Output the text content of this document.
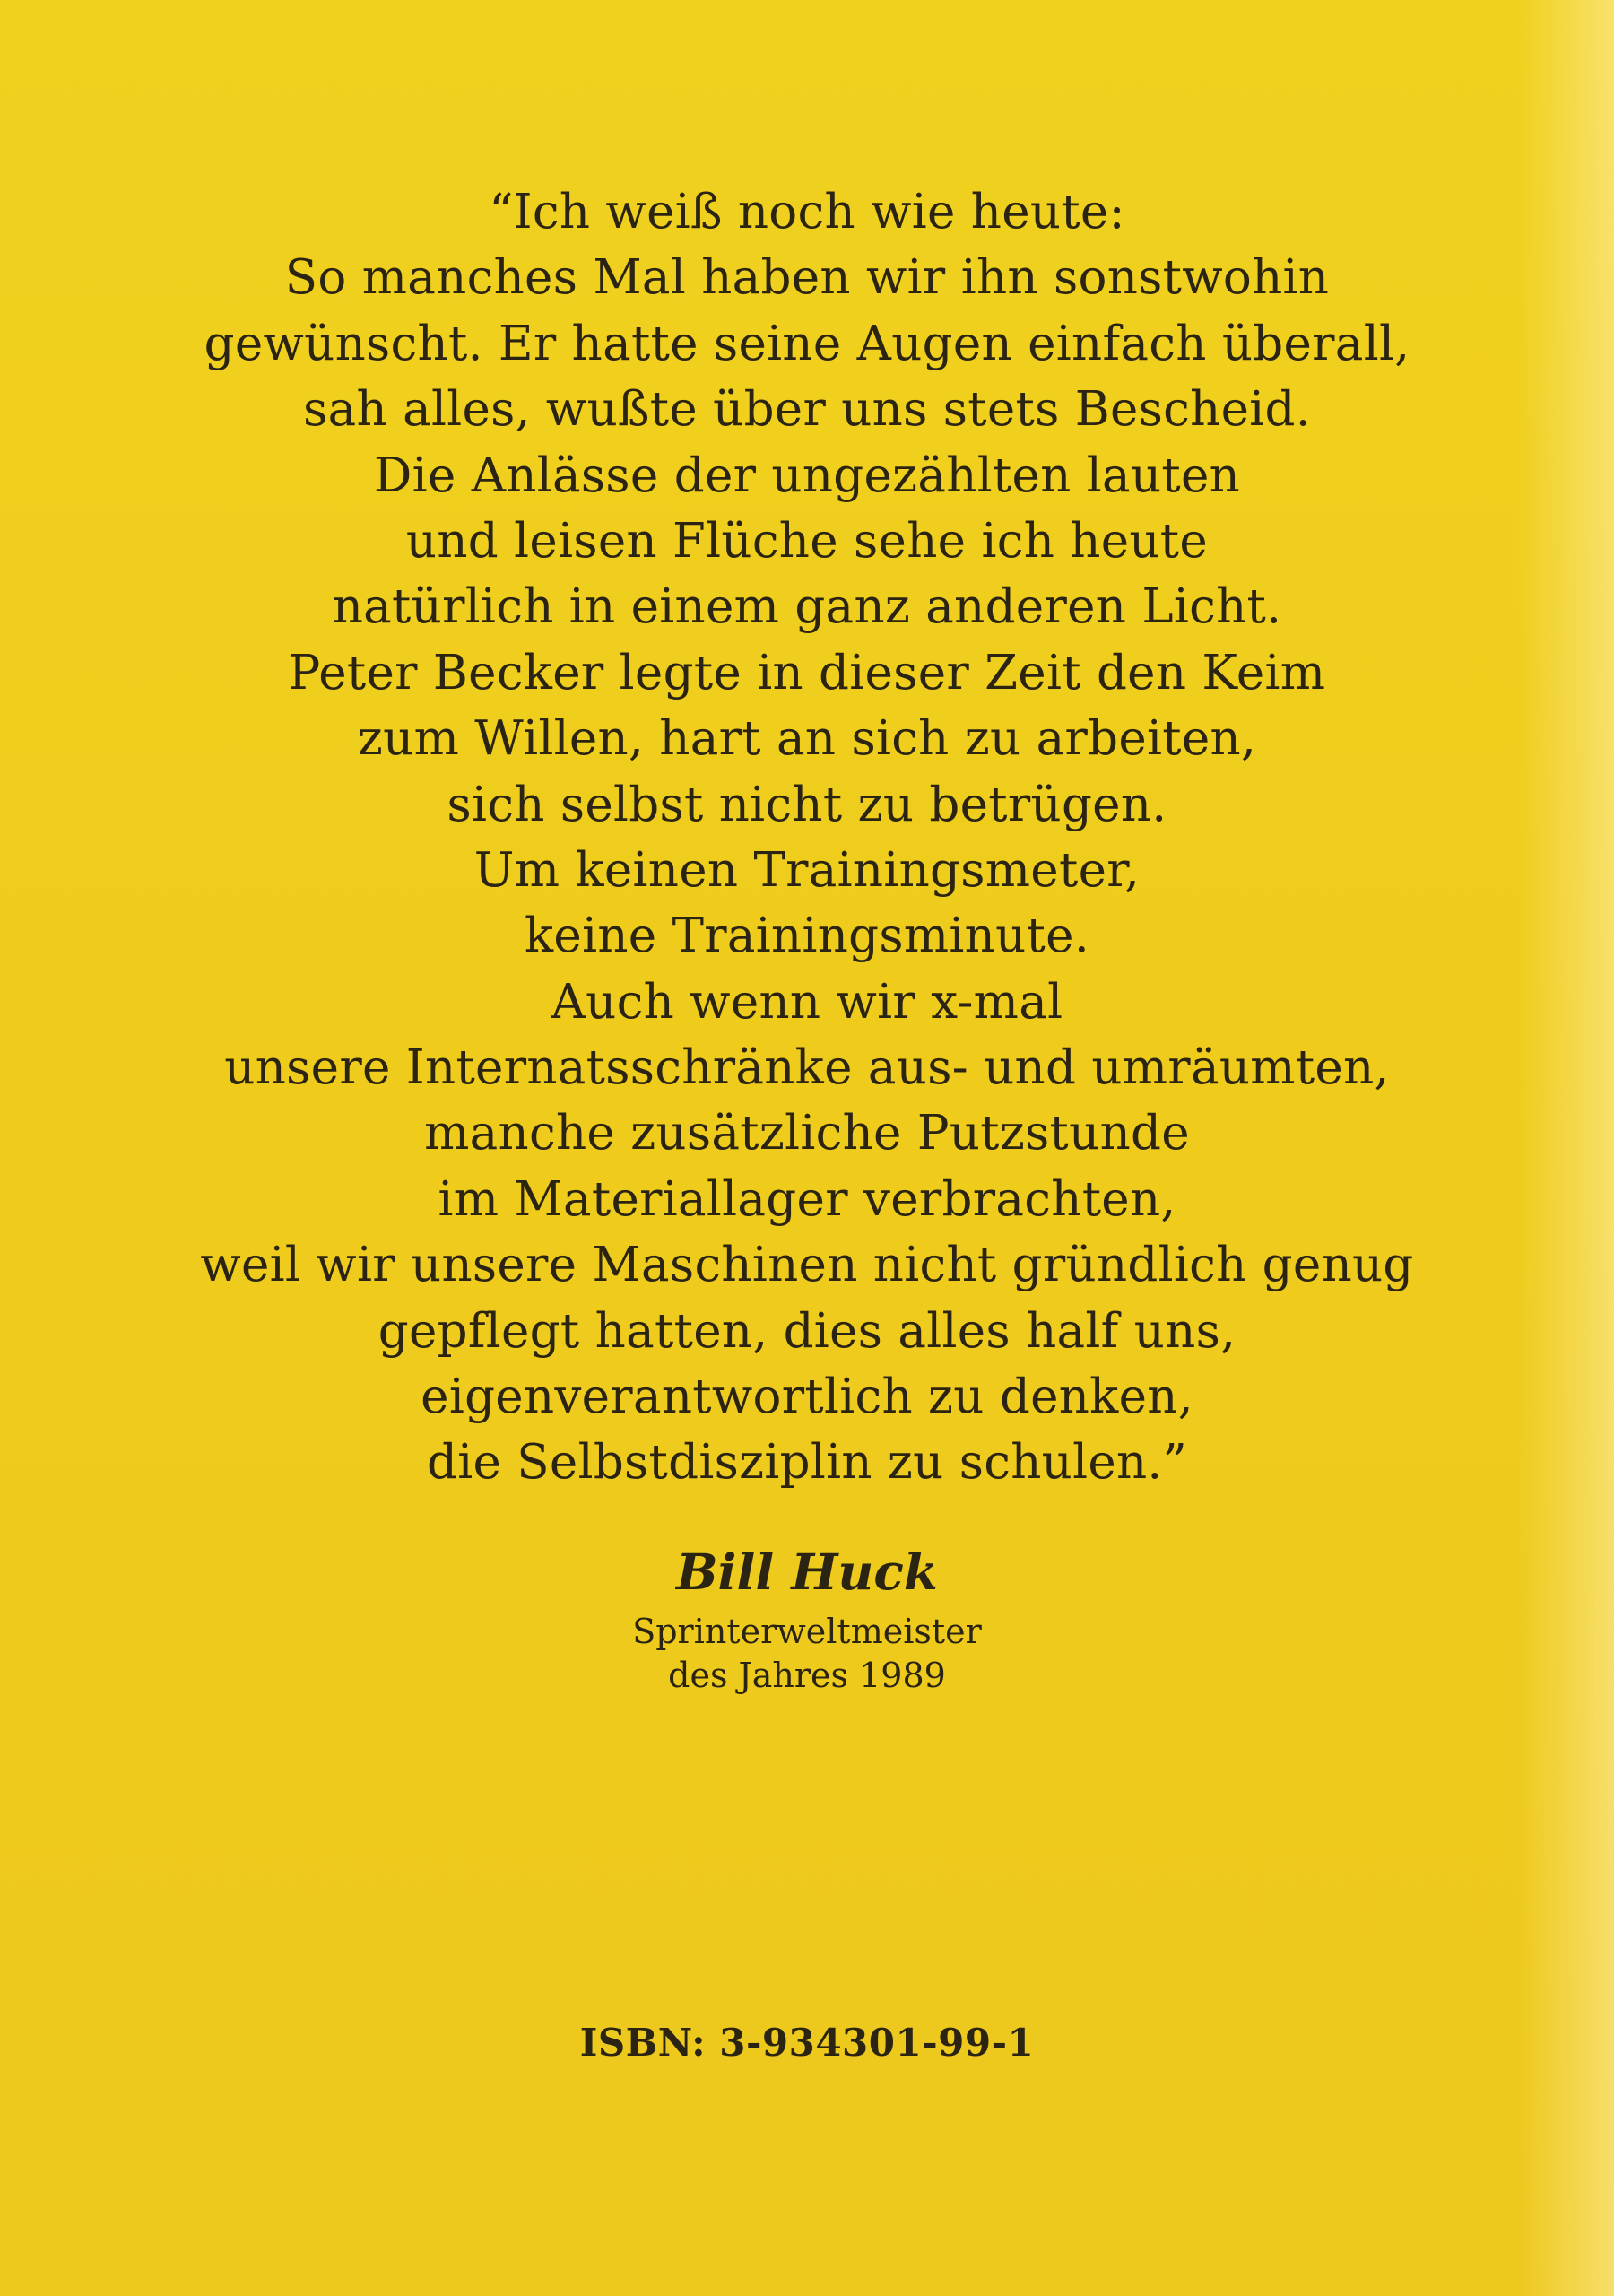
“Ich weiß noch wie heute:
So manches Mal haben wir ihn sonstwohin
gewünscht. Er hatte seine Augen einfach überall,
sah alles, wußte über uns stets Bescheid.
Die Anlässe der ungezählten lauten
und leisen Flüche sehe ich heute
natürlich in einem ganz anderen Licht.
Peter Becker legte in dieser Zeit den Keim
zum Willen, hart an sich zu arbeiten,
sich selbst nicht zu betrügen.
Um keinen Trainingsmeter,
keine Trainingsminute.
Auch wenn wir x-mal
unsere Internatsschränke aus- und umräumten,
manche zusätzliche Putzstunde
im Materiallager verbrachten,
weil wir unsere Maschinen nicht gründlich genug
gepflegt hatten, dies alles half uns,
eigenverantwortlich zu denken,
die Selbstdisziplin zu schulen.”
Bill Huck
Sprinterweltmeister
des Jahres 1989
ISBN: 3-934301-99-1
